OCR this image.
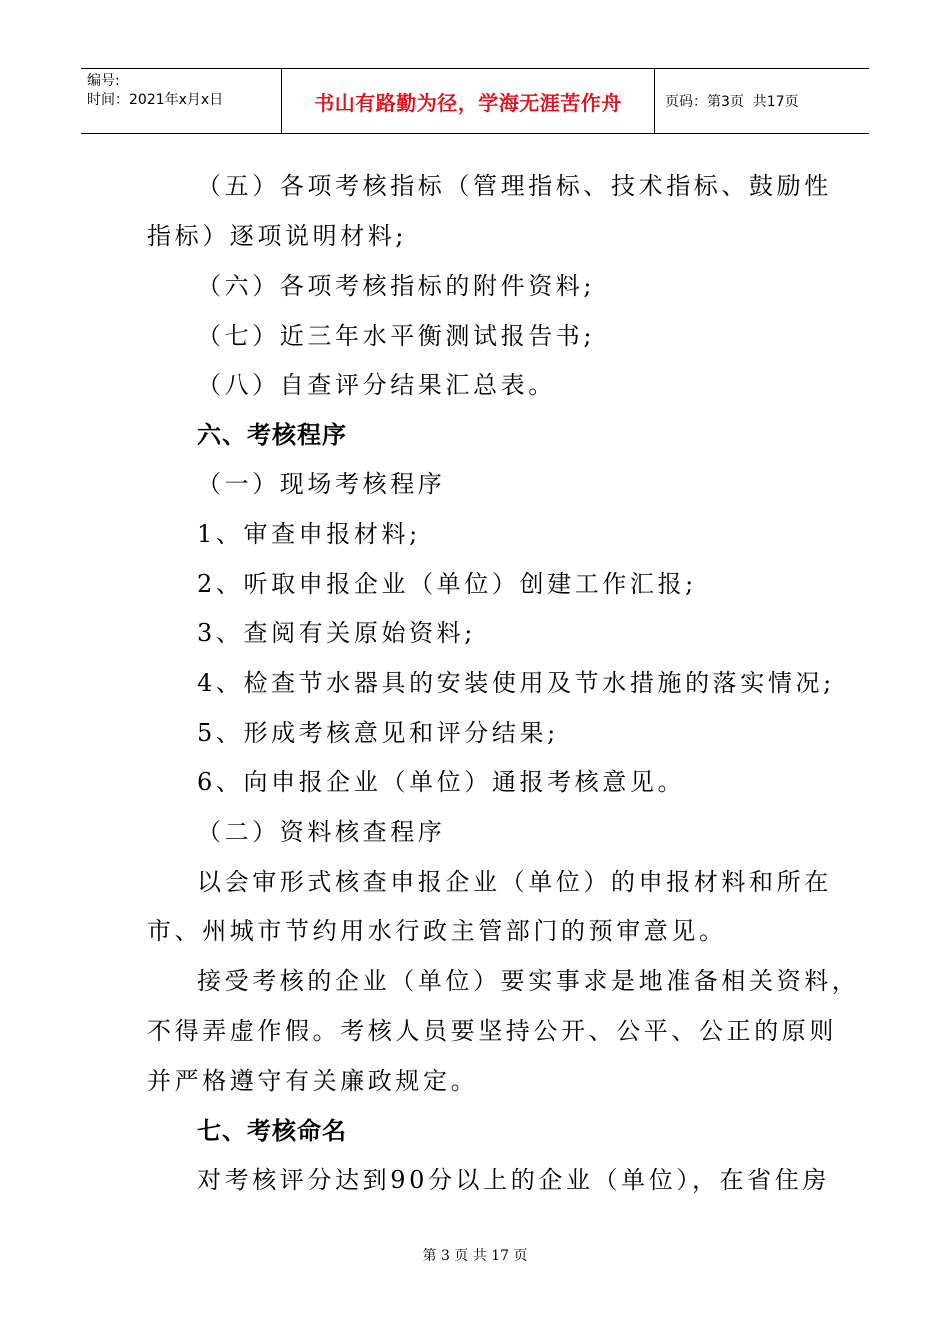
编号:
时间：2021年x月x日	书山有路勤为径，学海无涯苦作舟	页码：第3页  共17页
（五）各项考核指标（管理指标、技术指标、鼓励性
指标）逐项说明材料;
（六）各项考核指标的附件资料;
（七）近三年水平衡测试报告书;
（八）自查评分结果汇总表。
六、考核程序
（一）现场考核程序
1、审查申报材料;
2、听取申报企业（单位）创建工作汇报;
3、查阅有关原始资料;
4、检查节水器具的安装使用及节水措施的落实情况;
5、形成考核意见和评分结果;
6、向申报企业（单位）通报考核意见。
（二）资料核查程序
以会审形式核查申报企业（单位）的申报材料和所在
市、州城市节约用水行政主管部门的预审意见。
接受考核的企业（单位）要实事求是地准备相关资料，
不得弄虚作假。考核人员要坚持公开、公平、公正的原则
并严格遵守有关廉政规定。
七、考核命名
对考核评分达到90分以上的企业（单位），在省住房
第 3 页 共 17 页
